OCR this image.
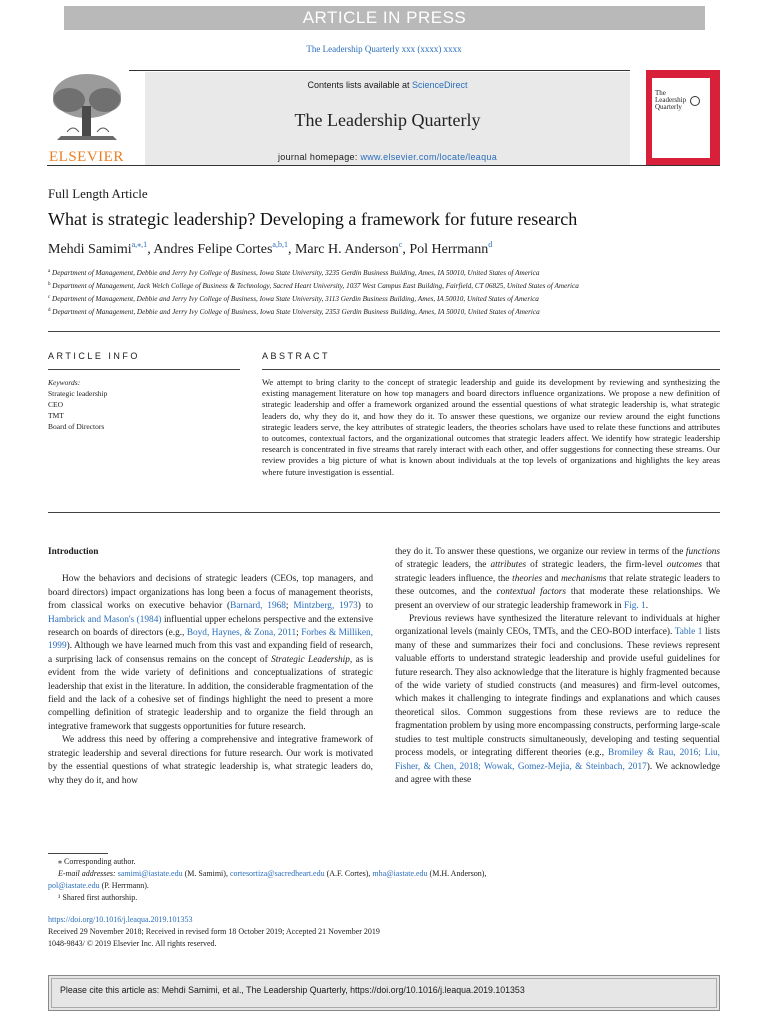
ARTICLE IN PRESS
The Leadership Quarterly xxx (xxxx) xxxx
ELSEVIER
Contents lists available at ScienceDirect
The Leadership Quarterly
journal homepage: www.elsevier.com/locate/leaqua
The
Leadership
Quarterly
Full Length Article
What is strategic leadership? Developing a framework for future research
Mehdi Samimi$^{a,⁎,1}$, Andres Felipe Cortes$^{a,b,1}$, Marc H. Anderson$^c$, Pol Herrmann$^d$
$^a$ Department of Management, Debbie and Jerry Ivy College of Business, Iowa State University, 3235 Gerdin Business Building, Ames, IA 50010, United States of America
$^b$ Department of Management, Jack Welch College of Business & Technology, Sacred Heart University, 1037 West Campus East Building, Fairfield, CT 06825, United States of America
$^c$ Department of Management, Debbie and Jerry Ivy College of Business, Iowa State University, 3113 Gerdin Business Building, Ames, IA 50010, United States of America
$^d$ Department of Management, Debbie and Jerry Ivy College of Business, Iowa State University, 2353 Gerdin Business Building, Ames, IA 50010, United States of America
ARTICLE INFO	ABSTRACT
Keywords:
Strategic leadership
CEO
TMT
Board of Directors
We attempt to bring clarity to the concept of strategic leadership and guide its development by reviewing and synthesizing the existing management literature on how top managers and board directors influence organizations. We propose a new definition of strategic leadership and offer a framework organized around the essential questions of what strategic leadership is, what strategic leaders do, why they do it, and how they do it. To answer these questions, we organize our review around the eight functions strategic leaders serve, the key attributes of strategic leaders, the theories scholars have used to relate these functions and attributes to outcomes, contextual factors, and the organizational outcomes that strategic leaders affect. We identify how strategic leadership research is concentrated in five streams that rarely interact with each other, and offer suggestions for connecting these streams. Our review provides a big picture of what is known about individuals at the top levels of organizations and highlights the key areas where future investigation is essential.
Introduction

How the behaviors and decisions of strategic leaders (CEOs, top managers, and board directors) impact organizations has long been a focus of management theorists, from classical works on executive behavior (Barnard, 1968; Mintzberg, 1973) to Hambrick and Mason's (1984) influential upper echelons perspective and the extensive research on boards of directors (e.g., Boyd, Haynes, & Zona, 2011; Forbes & Milliken, 1999). Although we have learned much from this vast and expanding field of research, a surprising lack of consensus remains on the concept of Strategic Leadership, as is evident from the wide variety of definitions and conceptualizations of strategic leadership that exist in the literature. In addition, the considerable fragmentation of the field and the lack of a cohesive set of findings highlight the need to present a more compelling definition of strategic leadership and to organize the field through an integrative framework that suggests opportunities for future research.

We address this need by offering a comprehensive and integrative framework of strategic leadership and several directions for future research. Our work is motivated by the essential questions of what strategic leadership is, what strategic leaders do, why they do it, and how

they do it. To answer these questions, we organize our review in terms of the functions of strategic leaders, the attributes of strategic leaders, the firm-level outcomes that strategic leaders influence, the theories and mechanisms that relate strategic leaders to these outcomes, and the contextual factors that moderate these relationships. We present an overview of our strategic leadership framework in Fig. 1.

Previous reviews have synthesized the literature relevant to individuals at higher organizational levels (mainly CEOs, TMTs, and the CEO-BOD interface). Table 1 lists many of these and summarizes their foci and conclusions. These reviews represent valuable efforts to understand strategic leadership and provide useful guidelines for future research. They also acknowledge that the literature is highly fragmented because of the wide variety of studied constructs (and measures) and firm-level outcomes, which makes it challenging to integrate findings and explanations and which causes theoretical silos. Common suggestions from these reviews are to reduce the fragmentation problem by using more encompassing constructs, performing large-scale studies to test multiple constructs simultaneously, developing and testing sequential process models, or integrating different theories (e.g., Bromiley & Rau, 2016; Liu, Fisher, & Chen, 2018; Wowak, Gomez-Mejia, & Steinbach, 2017). We acknowledge and agree with these

⁎ Corresponding author.
E-mail addresses: samimi@iastate.edu (M. Samimi), cortesortiza@sacredheart.edu (A.F. Cortes), mha@iastate.edu (M.H. Anderson),
pol@iastate.edu (P. Herrmann).
¹ Shared first authorship.
https://doi.org/10.1016/j.leaqua.2019.101353
Received 29 November 2018; Received in revised form 18 October 2019; Accepted 21 November 2019
1048-9843/ © 2019 Elsevier Inc. All rights reserved.
Please cite this article as: Mehdi Samimi, et al., The Leadership Quarterly, https://doi.org/10.1016/j.leaqua.2019.101353
